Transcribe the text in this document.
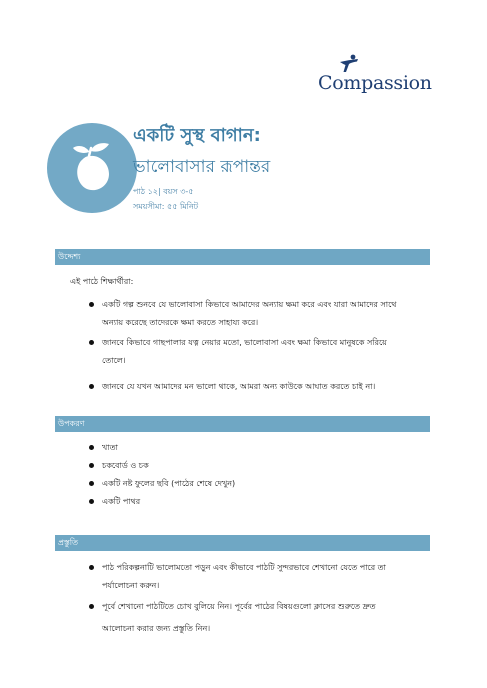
Compassion
একটি সুস্থ বাগান:
ভালোবাসার রূপান্তর
পাঠ ১২| বয়স ৩-৫
সময়সীমা: ৫৫ মিনিট
উদ্দেশ্য
এই পাঠে শিক্ষার্থীরা:
একটি গল্প শুনবে যে ভালোবাসা কিভাবে আমাদের অন্যায় ক্ষমা করে এবং যারা আমাদের সাথে
অন্যায় করেছে তাদেরকে ক্ষমা করতে সাহায্য করে।
জানবে কিভাবে গাছপালার যত্ন নেয়ার মতো, ভালোবাসা এবং ক্ষমা কিভাবে মানুষকে সরিয়ে
তোলে।
জানবে যে যখন আমাদের মন ভালো থাকে, আমরা অন্য কাউকে আঘাত করতে চাই না।
উপকরণ
খাতা
চকবোর্ড ও চক
একটি নষ্ট ফুলের ছবি (পাঠের শেষে দেখুন)
একটি পাথর
প্রস্তুতি
পাঠ পরিকল্পনাটি ভালোমতো পড়ুন এবং কীভাবে পাঠটি সুন্দরভাবে শেখানো যেতে পারে তা
পর্যালোচনা করুন।
পূর্বে শেখানো পাঠটিতে চোখ বুলিয়ে নিন। পূর্বের পাঠের বিষয়গুলো ক্লাসের শুরুতে দ্রুত
আলোচনা করার জন্য প্রস্তুতি নিন।
